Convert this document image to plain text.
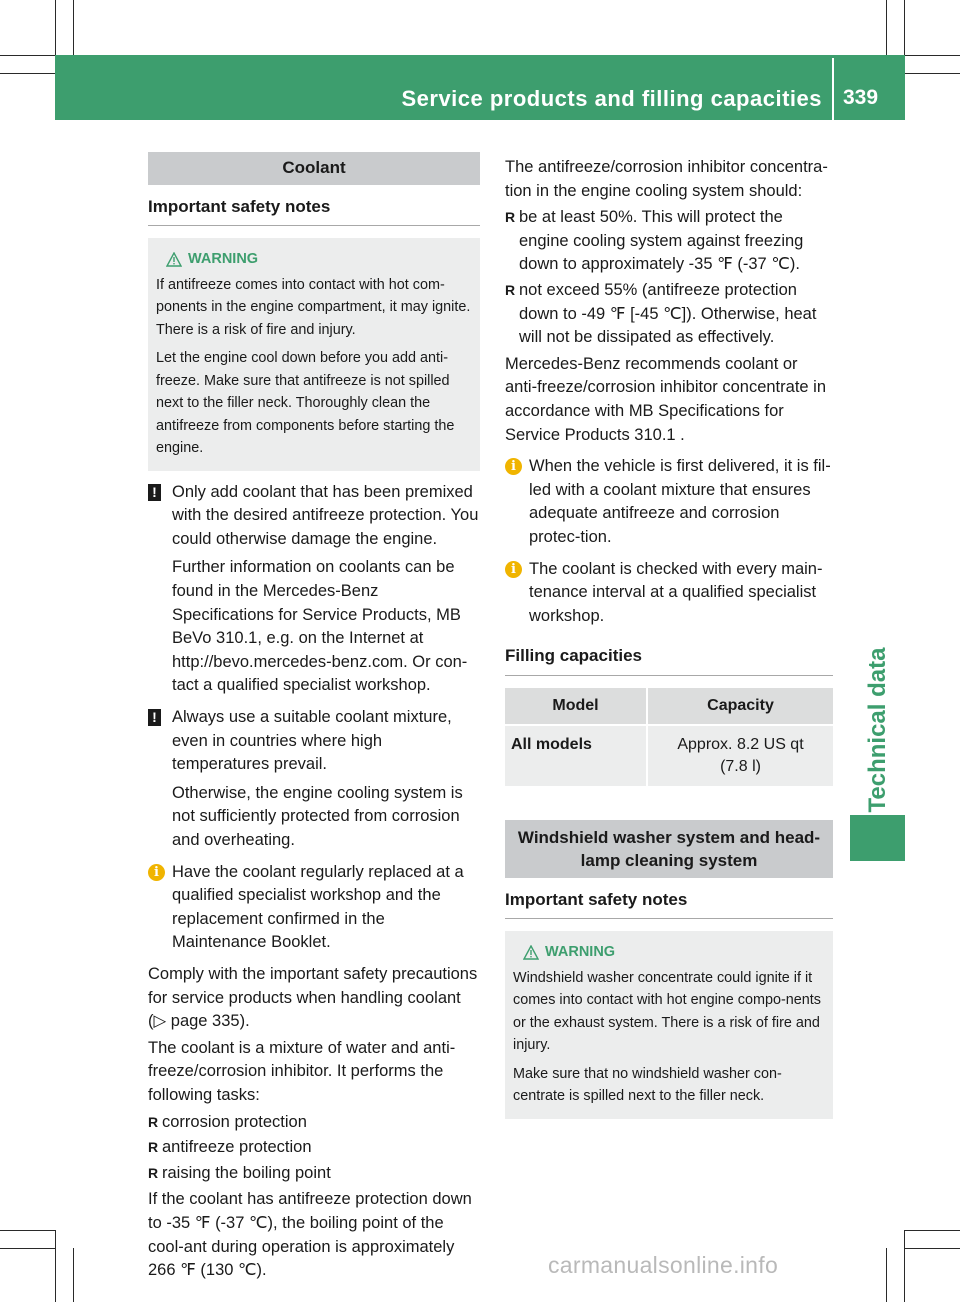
Service products and filling capacities 339
Technical data
Coolant
Important safety notes
WARNING

If antifreeze comes into contact with hot com-ponents in the engine compartment, it may ignite. There is a risk of fire and injury.

Let the engine cool down before you add anti-freeze. Make sure that antifreeze is not spilled next to the filler neck. Thoroughly clean the antifreeze from components before starting the engine.

! Only add coolant that has been premixed with the desired antifreeze protection. You could otherwise damage the engine.

Further information on coolants can be found in the Mercedes-Benz Specifications for Service Products, MB BeVo 310.1, e.g. on the Internet at http://bevo.mercedes-benz.com. Or con-tact a qualified specialist workshop.

! Always use a suitable coolant mixture, even in countries where high temperatures prevail.

Otherwise, the engine cooling system is not sufficiently protected from corrosion and overheating.

i Have the coolant regularly replaced at a qualified specialist workshop and the replacement confirmed in the Maintenance Booklet.

Comply with the important safety precautions for service products when handling coolant (▷ page 335).

The coolant is a mixture of water and anti-freeze/corrosion inhibitor. It performs the following tasks:

R corrosion protection
R antifreeze protection
R raising the boiling point

If the coolant has antifreeze protection down to -35 ℉ (-37 ℃), the boiling point of the cool-ant during operation is approximately 266 ℉ (130 ℃).

The antifreeze/corrosion inhibitor concentra-tion in the engine cooling system should:

R be at least 50%. This will protect the engine cooling system against freezing down to approximately -35 ℉ (-37 ℃).
R not exceed 55% (antifreeze protection down to -49 ℉ [-45 ℃]). Otherwise, heat will not be dissipated as effectively.

Mercedes-Benz recommends coolant or anti-freeze/corrosion inhibitor concentrate in accordance with MB Specifications for Service Products 310.1 .

i When the vehicle is first delivered, it is fil-led with a coolant mixture that ensures adequate antifreeze and corrosion protec-tion.

i The coolant is checked with every main-tenance interval at a qualified specialist workshop.

Filling capacities
Model	Capacity
All models	Approx. 8.2 US qt
(7.8 l)
Windshield washer system and head-lamp cleaning system
Important safety notes
WARNING

Windshield washer concentrate could ignite if it comes into contact with hot engine compo-nents or the exhaust system. There is a risk of fire and injury.

Make sure that no windshield washer con-centrate is spilled next to the filler neck.

carmanualsonline.info
